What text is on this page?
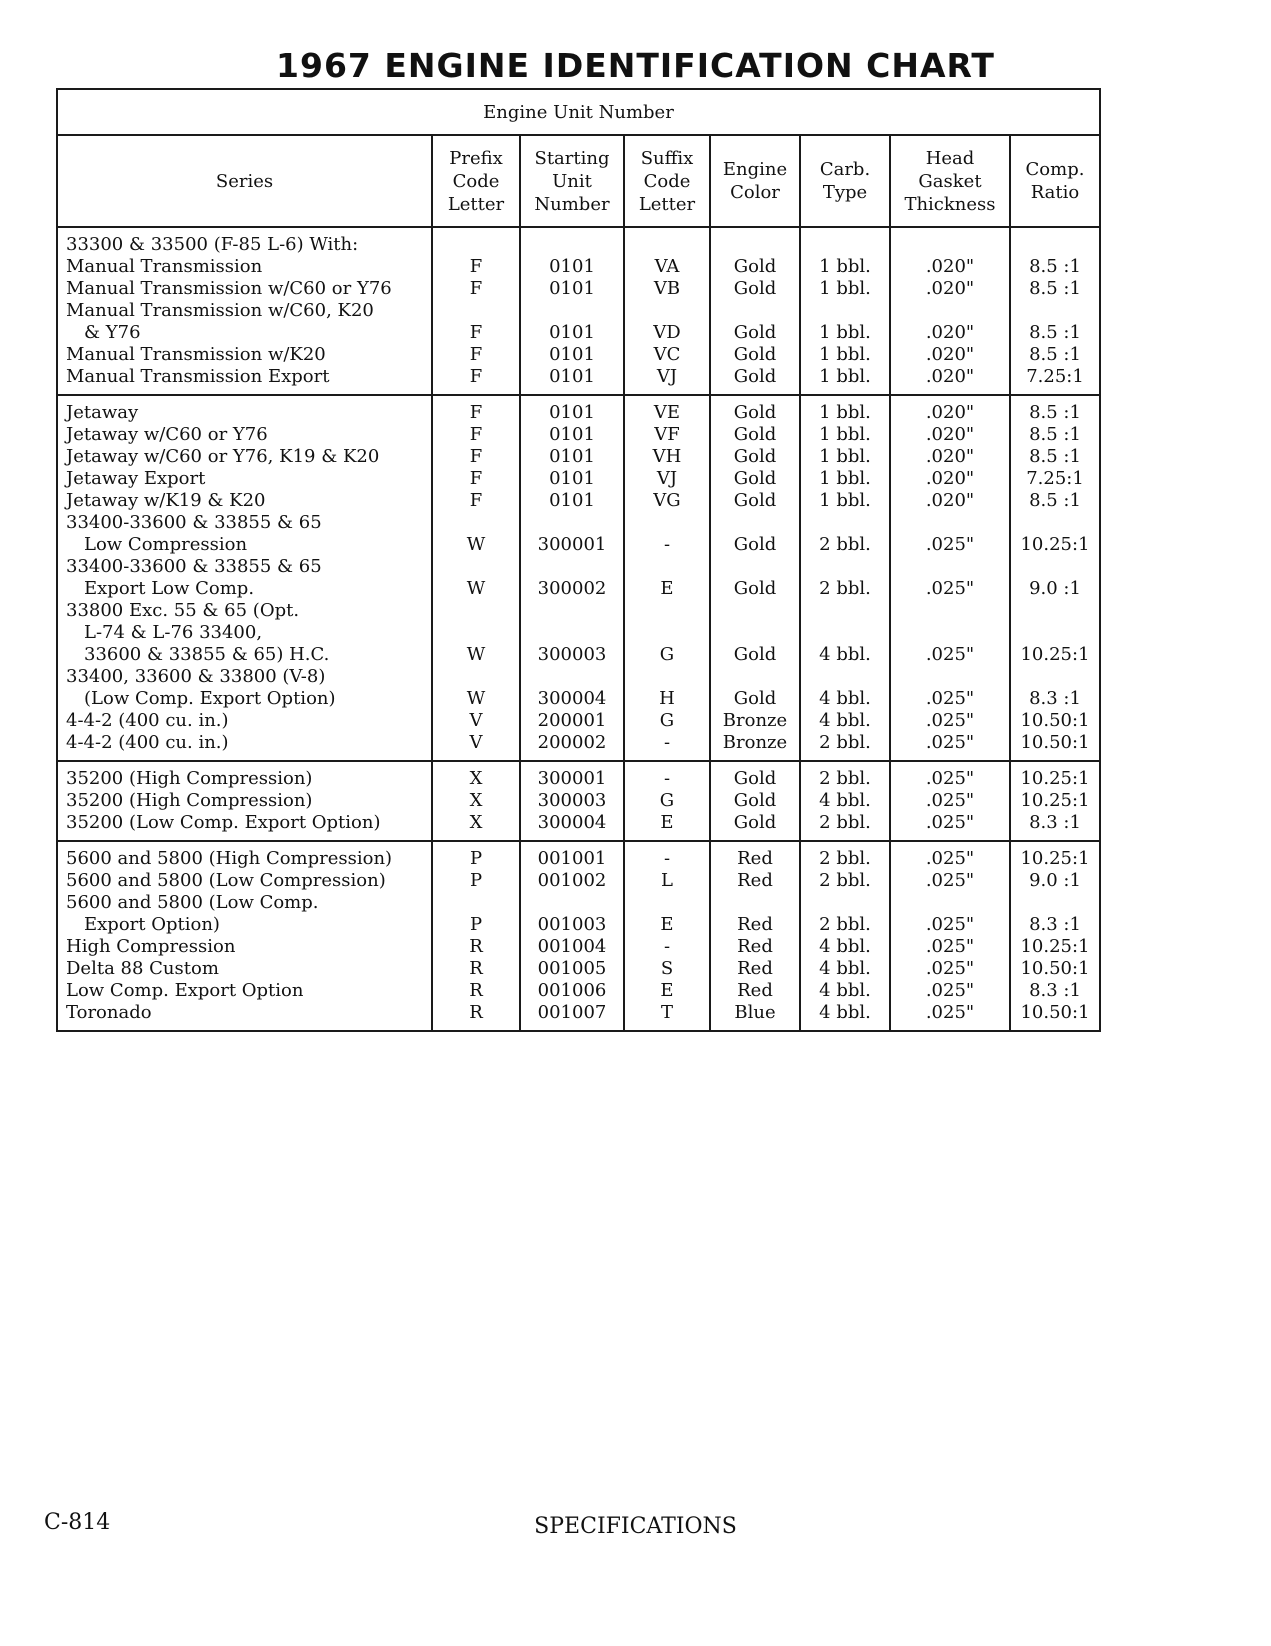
1967 ENGINE IDENTIFICATION CHART
Engine Unit Number
Series
Prefix
Code
Letter
Starting
Unit
Number
Suffix
Code
Letter
Engine
Color
Carb.
Type
Head
Gasket
Thickness
Comp.
Ratio
33300 & 33500 (F-85 L-6) With:
Manual Transmission
Manual Transmission w/C60 or Y76
Manual Transmission w/C60, K20
& Y76
Manual Transmission w/K20
Manual Transmission Export
F
F
F
F
F
0101
0101
0101
0101
0101
VA
VB
VD
VC
VJ
Gold
Gold
Gold
Gold
Gold
1 bbl.
1 bbl.
1 bbl.
1 bbl.
1 bbl.
.020"
.020"
.020"
.020"
.020"
8.5 :1
8.5 :1
8.5 :1
8.5 :1
7.25:1
Jetaway
Jetaway w/C60 or Y76
Jetaway w/C60 or Y76, K19 & K20
Jetaway Export
Jetaway w/K19 & K20
33400-33600 & 33855 & 65
Low Compression
33400-33600 & 33855 & 65
Export Low Comp.
33800 Exc. 55 & 65 (Opt.
L-74 & L-76 33400,
33600 & 33855 & 65) H.C.
33400, 33600 & 33800 (V-8)
(Low Comp. Export Option)
4-4-2 (400 cu. in.)
4-4-2 (400 cu. in.)
F
F
F
F
F
W
W
W
W
V
V
0101
0101
0101
0101
0101
300001
300002
300003
300004
200001
200002
VE
VF
VH
VJ
VG
-
E
G
H
G
-
Gold
Gold
Gold
Gold
Gold
Gold
Gold
Gold
Gold
Bronze
Bronze
1 bbl.
1 bbl.
1 bbl.
1 bbl.
1 bbl.
2 bbl.
2 bbl.
4 bbl.
4 bbl.
4 bbl.
2 bbl.
.020"
.020"
.020"
.020"
.020"
.025"
.025"
.025"
.025"
.025"
.025"
8.5 :1
8.5 :1
8.5 :1
7.25:1
8.5 :1
10.25:1
9.0 :1
10.25:1
8.3 :1
10.50:1
10.50:1
35200 (High Compression)
35200 (High Compression)
35200 (Low Comp. Export Option)
X
X
X
300001
300003
300004
-
G
E
Gold
Gold
Gold
2 bbl.
4 bbl.
2 bbl.
.025"
.025"
.025"
10.25:1
10.25:1
8.3 :1
5600 and 5800 (High Compression)
5600 and 5800 (Low Compression)
5600 and 5800 (Low Comp.
Export Option)
High Compression
Delta 88 Custom
Low Comp. Export Option
Toronado
P
P
P
R
R
R
R
001001
001002
001003
001004
001005
001006
001007
-
L
E
-
S
E
T
Red
Red
Red
Red
Red
Red
Blue
2 bbl.
2 bbl.
2 bbl.
4 bbl.
4 bbl.
4 bbl.
4 bbl.
.025"
.025"
.025"
.025"
.025"
.025"
.025"
10.25:1
9.0 :1
8.3 :1
10.25:1
10.50:1
8.3 :1
10.50:1
C-814	SPECIFICATIONS
